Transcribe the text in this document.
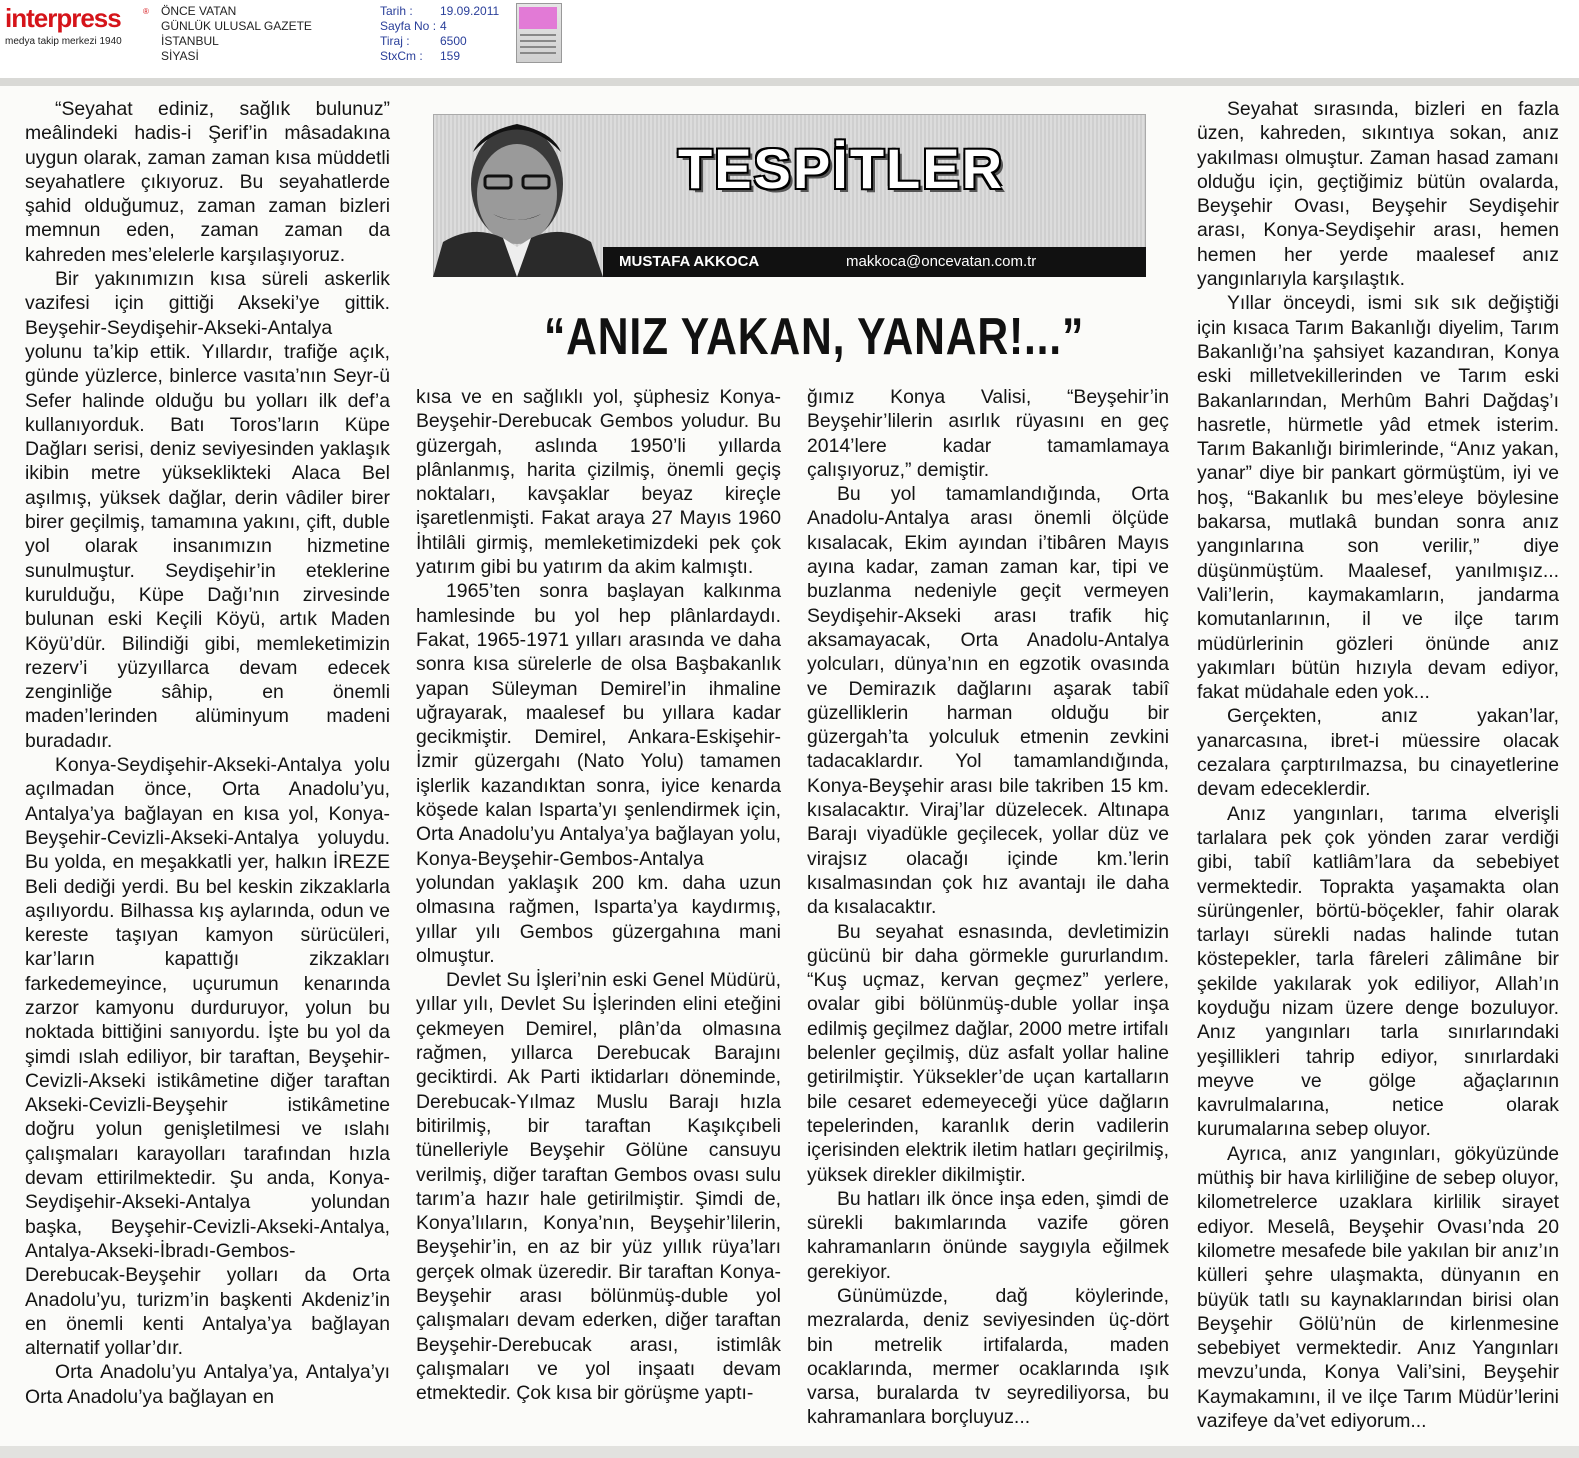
interpress	®
medya takip merkezi 1940
ÖNCE VATAN
GÜNLÜK ULUSAL GAZETE
İSTANBUL
SİYASİ
Tarih : 19.09.2011
Sayfa No : 4
Tiraj :	6500
StxCm : 159
TESPİTLER
MUSTAFA AKKOCA	makkoca@oncevatan.com.tr
“ANIZ YAKAN, YANAR!...”

“Seyahat ediniz, sağlık bulunuz” meâlindeki hadis-i Şerif’in mâsadakına uygun olarak, zaman zaman kısa müddetli seyahatlere çıkıyoruz. Bu seyahatlerde şahid olduğumuz, zaman zaman bizleri memnun eden, zaman zaman da kahreden mes’elelerle karşılaşıyoruz.

Bir yakınımızın kısa süreli askerlik vazifesi için gittiği Akseki’ye gittik. Beyşehir-Seydişehir-Akseki-Antalya yolunu ta’kip ettik. Yıllardır, trafiğe açık, günde yüzlerce, binlerce vasıta’nın Seyr-ü Sefer halinde olduğu bu yolları ilk def’a kullanıyorduk. Batı Toros’ların Küpe Dağları serisi, deniz seviyesinden yaklaşık ikibin metre yükseklikteki Alaca Bel aşılmış, yüksek dağlar, derin vâdiler birer birer geçilmiş, tamamına yakını, çift, duble yol olarak insanımızın hizmetine sunulmuştur. Seydişehir’in eteklerine kurulduğu, Küpe Dağı’nın zirvesinde bulunan eski Keçili Köyü, artık Maden Köyü’dür. Bilindiği gibi, memleketimizin rezerv’i yüzyıllarca devam edecek zenginliğe sâhip, en önemli maden’lerinden alüminyum madeni buradadır.

Konya-Seydişehir-Akseki-Antalya yolu açılmadan önce, Orta Anadolu’yu, Antalya’ya bağlayan en kısa yol, Konya-Beyşehir-Cevizli-Akseki-Antalya yoluydu. Bu yolda, en meşakkatli yer, halkın İREZE Beli dediği yerdi. Bu bel keskin zikzaklarla aşılıyordu. Bilhassa kış aylarında, odun ve kereste taşıyan kamyon sürücüleri, kar’ların kapattığı zikzakları farkedemeyince, uçurumun kenarında zarzor kamyonu durduruyor, yolun bu noktada bittiğini sanıyordu. İşte bu yol da şimdi ıslah ediliyor, bir taraftan, Beyşehir-Cevizli-Akseki istikâmetine diğer taraftan Akseki-Cevizli-Beyşehir istikâmetine doğru yolun genişletilmesi ve ıslahı çalışmaları karayolları tarafından hızla devam ettirilmektedir. Şu anda, Konya-Seydişehir-Akseki-Antalya yolundan başka, Beyşehir-Cevizli-Akseki-Antalya, Antalya-Akseki-İbradı-Gembos-Derebucak-Beyşehir yolları da Orta Anadolu’yu, turizm’in başkenti Akdeniz’in en önemli kenti Antalya’ya bağlayan alternatif yollar’dır.

Orta Anadolu’yu Antalya’ya, Antalya’yı Orta Anadolu’ya bağlayan en

kısa ve en sağlıklı yol, şüphesiz Konya-Beyşehir-Derebucak Gembos yoludur. Bu güzergah, aslında 1950’li yıllarda plânlanmış, harita çizilmiş, önemli geçiş noktaları, kavşaklar beyaz kireçle işaretlenmişti. Fakat araya 27 Mayıs 1960 İhtilâli girmiş, memleketimizdeki pek çok yatırım gibi bu yatırım da akim kalmıştı.

1965’ten sonra başlayan kalkınma hamlesinde bu yol hep plânlardaydı. Fakat, 1965-1971 yılları arasında ve daha sonra kısa sürelerle de olsa Başbakanlık yapan Süleyman Demirel’in ihmaline uğrayarak, maalesef bu yıllara kadar gecikmiştir. Demirel, Ankara-Eskişehir-İzmir güzergahı (Nato Yolu) tamamen işlerlik kazandıktan sonra, iyice kenarda köşede kalan Isparta’yı şenlendirmek için, Orta Anadolu’yu Antalya’ya bağlayan yolu, Konya-Beyşehir-Gembos-Antalya yolundan yaklaşık 200 km. daha uzun olmasına rağmen, Isparta’ya kaydırmış, yıllar yılı Gembos güzergahına mani olmuştur.

Devlet Su İşleri’nin eski Genel Müdürü, yıllar yılı, Devlet Su İşlerinden elini eteğini çekmeyen Demirel, plân’da olmasına rağmen, yıllarca Derebucak Barajını geciktirdi. Ak Parti iktidarları döneminde, Derebucak-Yılmaz Muslu Barajı hızla bitirilmiş, bir taraftan Kaşıkçıbeli tünelleriyle Beyşehir Gölüne cansuyu verilmiş, diğer taraftan Gembos ovası sulu tarım’a hazır hale getirilmiştir. Şimdi de, Konya’lıların, Konya’nın, Beyşehir’lilerin, Beyşehir’in, en az bir yüz yıllık rüya’ları gerçek olmak üzeredir. Bir taraftan Konya-Beyşehir arası bölünmüş-duble yol çalışmaları devam ederken, diğer taraftan Beyşehir-Derebucak arası, istimlâk çalışmaları ve yol inşaatı devam etmektedir. Çok kısa bir görüşme yaptı-

ğımız Konya Valisi, “Beyşehir’in Beyşehir’lilerin asırlık rüyasını en geç 2014’lere kadar tamamlamaya çalışıyoruz,” demiştir.

Bu yol tamamlandığında, Orta Anadolu-Antalya arası önemli ölçüde kısalacak, Ekim ayından i’tibâren Mayıs ayına kadar, zaman zaman kar, tipi ve buzlanma nedeniyle geçit vermeyen Seydişehir-Akseki arası trafik hiç aksamayacak, Orta Anadolu-Antalya yolcuları, dünya’nın en egzotik ovasında ve Demirazık dağlarını aşarak tabiî güzelliklerin harman olduğu bir güzergah’ta yolculuk etmenin zevkini tadacaklardır. Yol tamamlandığında, Konya-Beyşehir arası bile takriben 15 km. kısalacaktır. Viraj’lar düzelecek. Altınapa Barajı viyadükle geçilecek, yollar düz ve virajsız olacağı içinde km.’lerin kısalmasından çok hız avantajı ile daha da kısalacaktır.

Bu seyahat esnasında, devletimizin gücünü bir daha görmekle gururlandım. “Kuş uçmaz, kervan geçmez” yerlere, ovalar gibi bölünmüş-duble yollar inşa edilmiş geçilmez dağlar, 2000 metre irtifalı belenler geçilmiş, düz asfalt yollar haline getirilmiştir. Yüksekler’de uçan kartalların bile cesaret edemeyeceği yüce dağların tepelerinden, karanlık derin vadilerin içerisinden elektrik iletim hatları geçirilmiş, yüksek direkler dikilmiştir.

Bu hatları ilk önce inşa eden, şimdi de sürekli bakımlarında vazife gören kahramanların önünde saygıyla eğilmek gerekiyor.

Günümüzde, dağ köylerinde, mezralarda, deniz seviyesinden üç-dört bin metrelik irtifalarda, maden ocaklarında, mermer ocaklarında ışık varsa, buralarda tv seyrediliyorsa, bu kahramanlara borçluyuz...

Seyahat sırasında, bizleri en fazla üzen, kahreden, sıkıntıya sokan, anız yakılması olmuştur. Zaman hasad zamanı olduğu için, geçtiğimiz bütün ovalarda, Beyşehir Ovası, Beyşehir Seydişehir arası, Konya-Seydişehir arası, hemen hemen her yerde maalesef anız yangınlarıyla karşılaştık.

Yıllar önceydi, ismi sık sık değiştiği için kısaca Tarım Bakanlığı diyelim, Tarım Bakanlığı’na şahsiyet kazandıran, Konya eski milletvekillerinden ve Tarım eski Bakanlarından, Merhûm Bahri Dağdaş’ı hasretle, hürmetle yâd etmek isterim. Tarım Bakanlığı birimlerinde, “Anız yakan, yanar” diye bir pankart görmüştüm, iyi ve hoş, “Bakanlık bu mes’eleye böylesine bakarsa, mutlakâ bundan sonra anız yangınlarına son verilir,” diye düşünmüştüm. Maalesef, yanılmışız... Vali’lerin, kaymakamların, jandarma komutanlarının, il ve ilçe tarım müdürlerinin gözleri önünde anız yakımları bütün hızıyla devam ediyor, fakat müdahale eden yok...

Gerçekten, anız yakan’lar, yanarcasına, ibret-i müessire olacak cezalara çarptırılmazsa, bu cinayetlerine devam edeceklerdir.

Anız yangınları, tarıma elverişli tarlalara pek çok yönden zarar verdiği gibi, tabiî katliâm’lara da sebebiyet vermektedir. Toprakta yaşamakta olan sürüngenler, börtü-böçekler, fahir olarak tarlayı sürekli nadas halinde tutan köstepekler, tarla fâreleri zâlimâne bir şekilde yakılarak yok ediliyor, Allah’ın koyduğu nizam üzere denge bozuluyor. Anız yangınları tarla sınırlarındaki yeşillikleri tahrip ediyor, sınırlardaki meyve ve gölge ağaçlarının kavrulmalarına, netice olarak kurumalarına sebep oluyor.

Ayrıca, anız yangınları, gökyüzünde müthiş bir hava kirliliğine de sebep oluyor, kilometrelerce uzaklara kirlilik sirayet ediyor. Meselâ, Beyşehir Ovası’nda 20 kilometre mesafede bile yakılan bir anız’ın külleri şehre ulaşmakta, dünyanın en büyük tatlı su kaynaklarından birisi olan Beyşehir Gölü’nün de kirlenmesine sebebiyet vermektedir. Anız Yangınları mevzu’unda, Konya Vali’sini, Beyşehir Kaymakamını, il ve ilçe Tarım Müdür’lerini vazifeye da’vet ediyorum...
